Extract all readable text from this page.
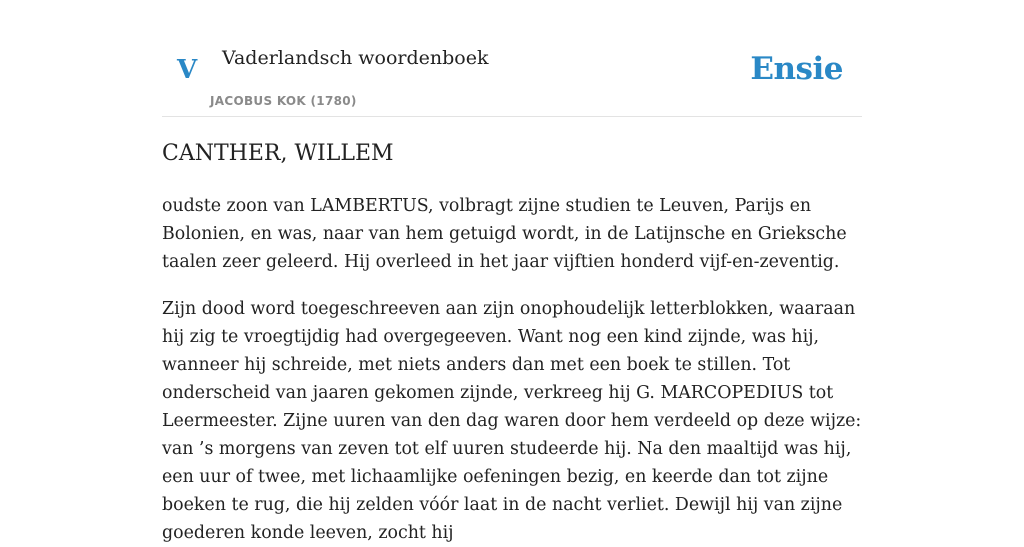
V Vaderlandsch woordenboek
JACOBUS KOK (1780)
Ensie
CANTHER, WILLEM

oudste zoon van LAMBERTUS, volbragt zijne studien te Leuven, Parijs en Bolonien, en was, naar van hem getuigd wordt, in de Latijnsche en Grieksche taalen zeer geleerd. Hij overleed in het jaar vijftien honderd vijf-en-zeventig.

Zijn dood word toegeschreeven aan zijn onophoudelijk letterblokken, waaraan hij zig te vroegtijdig had overgegeeven. Want nog een kind zijnde, was hij, wanneer hij schreide, met niets anders dan met een boek te stillen. Tot onderscheid van jaaren gekomen zijnde, verkreeg hij G. MARCOPEDIUS tot Leermeester. Zijne uuren van den dag waren door hem verdeeld op deze wijze: van ’s morgens van zeven tot elf uuren studeerde hij. Na den maaltijd was hij, een uur of twee, met lichaamlijke oefeningen bezig, en keerde dan tot zijne boeken te rug, die hij zelden vóór laat in de nacht verliet. Dewijl hij van zijne goederen konde leeven, zocht hij
